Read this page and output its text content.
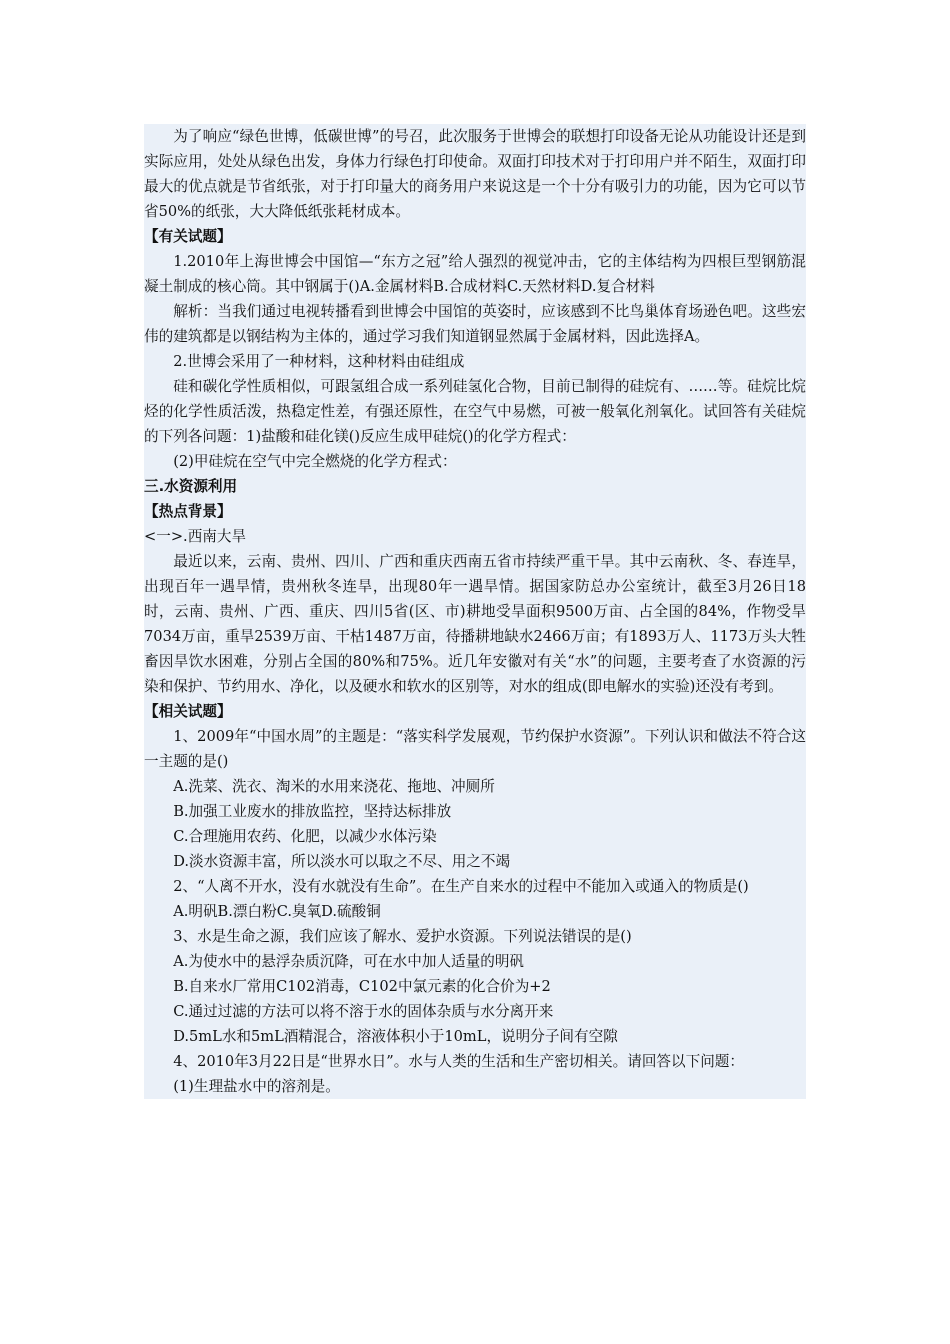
为了响应“绿色世博，低碳世博”的号召，此次服务于世博会的联想打印设备无论从功能设计还是到实际应用，处处从绿色出发，身体力行绿色打印使命。双面打印技术对于打印用户并不陌生，双面打印最大的优点就是节省纸张，对于打印量大的商务用户来说这是一个十分有吸引力的功能，因为它可以节省50%的纸张，大大降低纸张耗材成本。

【有关试题】

1.2010年上海世博会中国馆—“东方之冠”给人强烈的视觉冲击，它的主体结构为四根巨型钢筋混凝土制成的核心筒。其中钢属于()A.金属材料B.合成材料C.天然材料D.复合材料

解析：当我们通过电视转播看到世博会中国馆的英姿时，应该感到不比鸟巢体育场逊色吧。这些宏伟的建筑都是以钢结构为主体的，通过学习我们知道钢显然属于金属材料，因此选择A。

2.世博会采用了一种材料，这种材料由硅组成

硅和碳化学性质相似，可跟氢组合成一系列硅氢化合物，目前已制得的硅烷有、……等。硅烷比烷烃的化学性质活泼，热稳定性差，有强还原性，在空气中易燃，可被一般氧化剂氧化。试回答有关硅烷的下列各问题：1)盐酸和硅化镁()反应生成甲硅烷()的化学方程式：

(2)甲硅烷在空气中完全燃烧的化学方程式：

三.水资源利用

【热点背景】

<一>.西南大旱

最近以来，云南、贵州、四川、广西和重庆西南五省市持续严重干旱。其中云南秋、冬、春连旱，出现百年一遇旱情，贵州秋冬连旱，出现80年一遇旱情。据国家防总办公室统计，截至3月26日18时，云南、贵州、广西、重庆、四川5省(区、市)耕地受旱面积9500万亩、占全国的84%，作物受旱7034万亩，重旱2539万亩、干枯1487万亩，待播耕地缺水2466万亩；有1893万人、1173万头大牲畜因旱饮水困难，分别占全国的80%和75%。近几年安徽对有关“水”的问题，主要考查了水资源的污染和保护、节约用水、净化，以及硬水和软水的区别等，对水的组成(即电解水的实验)还没有考到。

【相关试题】

1、2009年“中国水周”的主题是：“落实科学发展观，节约保护水资源”。下列认识和做法不符合这一主题的是()

A.洗菜、洗衣、淘米的水用来浇花、拖地、冲厕所

B.加强工业废水的排放监控，坚持达标排放

C.合理施用农药、化肥，以减少水体污染

D.淡水资源丰富，所以淡水可以取之不尽、用之不竭

2、“人离不开水，没有水就没有生命”。在生产自来水的过程中不能加入或通入的物质是()

A.明矾B.漂白粉C.臭氧D.硫酸铜

3、水是生命之源，我们应该了解水、爱护水资源。下列说法错误的是()

A.为使水中的悬浮杂质沉降，可在水中加人适量的明矾

B.自来水厂常用C102消毒，C102中氯元素的化合价为+2

C.通过过滤的方法可以将不溶于水的固体杂质与水分离开来

D.5mL水和5mL酒精混合，溶液体积小于10mL，说明分子间有空隙

4、2010年3月22日是“世界水日”。水与人类的生活和生产密切相关。请回答以下问题：

(1)生理盐水中的溶剂是。
